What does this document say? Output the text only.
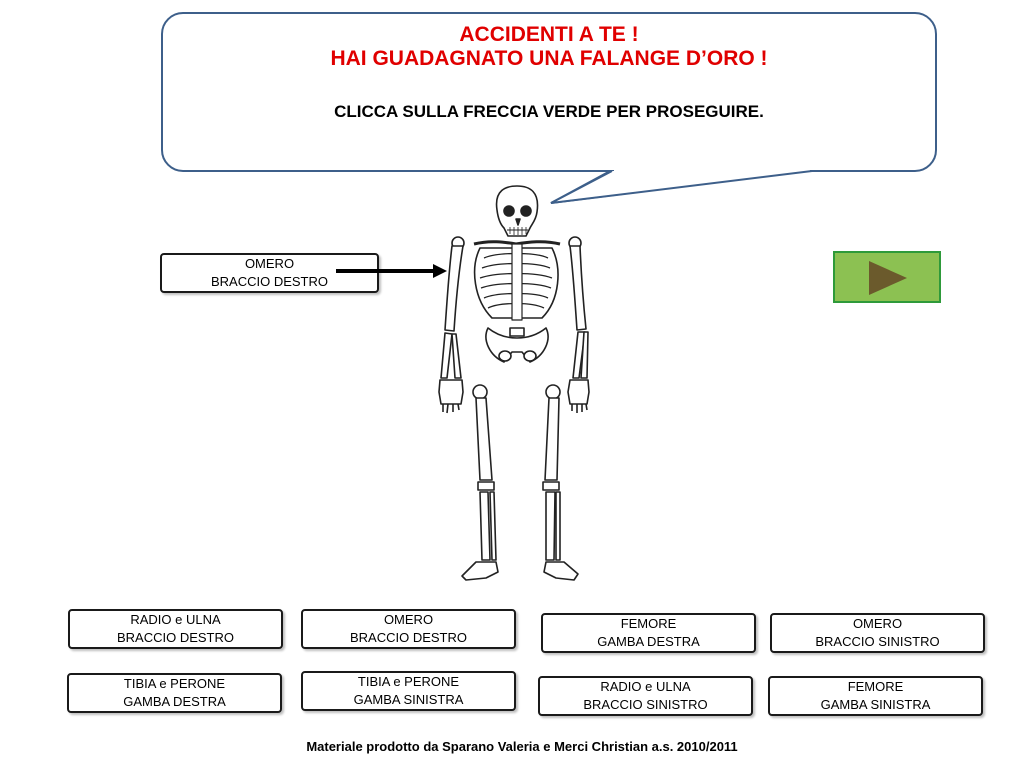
ACCIDENTI A TE !
HAI GUADAGNATO UNA FALANGE D’ORO !
CLICCA SULLA FRECCIA VERDE PER PROSEGUIRE.
OMERO
BRACCIO DESTRO
RADIO e ULNA
BRACCIO DESTRO
OMERO
BRACCIO DESTRO
FEMORE
GAMBA DESTRA
OMERO
BRACCIO SINISTRO
TIBIA e PERONE
GAMBA DESTRA
TIBIA e PERONE
GAMBA SINISTRA
RADIO e ULNA
BRACCIO SINISTRO
FEMORE
GAMBA SINISTRA
Materiale prodotto da Sparano Valeria e Merci Christian a.s. 2010/2011
